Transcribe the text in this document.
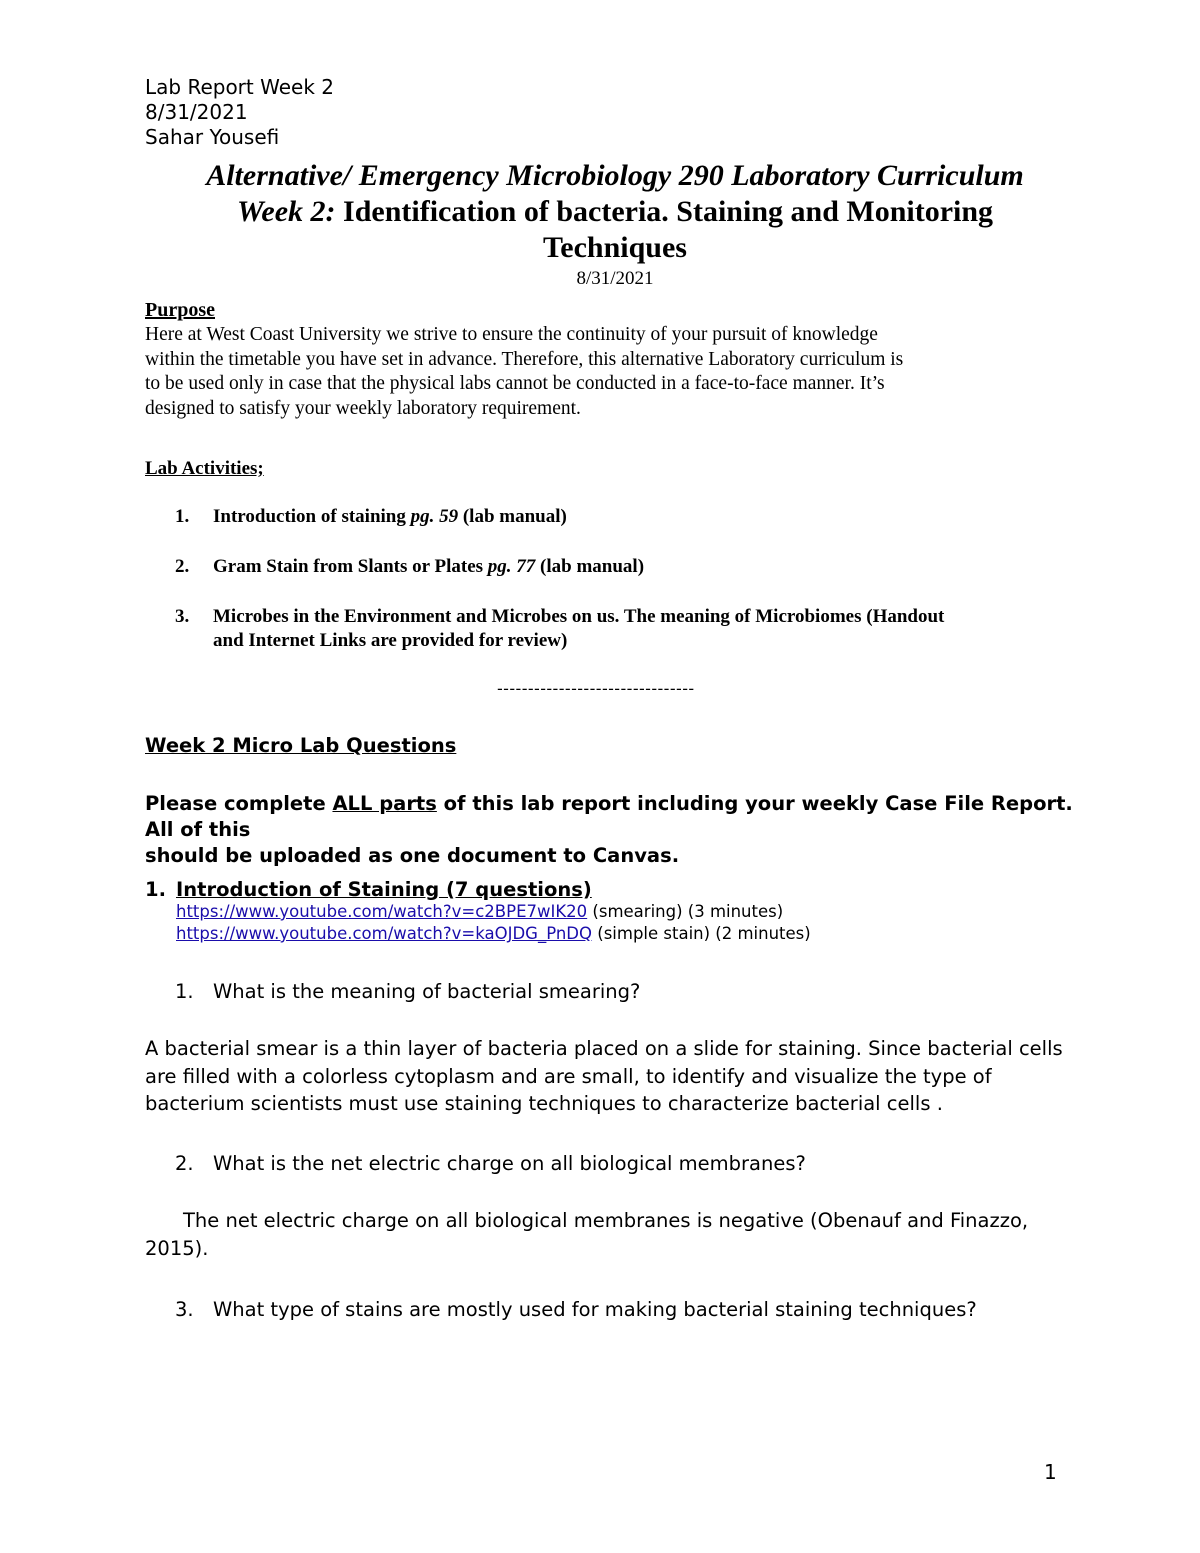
Lab Report Week 2
8/31/2021
Sahar Yousefi
Alternative/ Emergency Microbiology 290 Laboratory Curriculum
Week 2: Identification of bacteria. Staining and Monitoring
Techniques
8/31/2021
Purpose
Here at West Coast University we strive to ensure the continuity of your pursuit of knowledge
within the timetable you have set in advance. Therefore, this alternative Laboratory curriculum is
to be used only in case that the physical labs cannot be conducted in a face-to-face manner. It’s
designed to satisfy your weekly laboratory requirement.
Lab Activities;
1. Introduction of staining pg. 59 (lab manual)
2. Gram Stain from Slants or Plates pg. 77 (lab manual)
3. Microbes in the Environment and Microbes on us. The meaning of Microbiomes (Handout
and Internet Links are provided for review)
--------------------------------
Week 2 Micro Lab Questions
Please complete ALL parts of this lab report including your weekly Case File Report. All of this
should be uploaded as one document to Canvas.
1. Introduction of Staining (7 questions)
https://www.youtube.com/watch?v=c2BPE7wIK20 (smearing) (3 minutes)
https://www.youtube.com/watch?v=kaOJDG_PnDQ (simple stain) (2 minutes)
1. What is the meaning of bacterial smearing?
A bacterial smear is a thin layer of bacteria placed on a slide for staining. Since bacterial cells
are filled with a colorless cytoplasm and are small, to identify and visualize the type of
bacterium scientists must use staining techniques to characterize bacterial cells .
2. What is the net electric charge on all biological membranes?
The net electric charge on all biological membranes is negative (Obenauf and Finazzo,
2015).
3. What type of stains are mostly used for making bacterial staining techniques?
1
